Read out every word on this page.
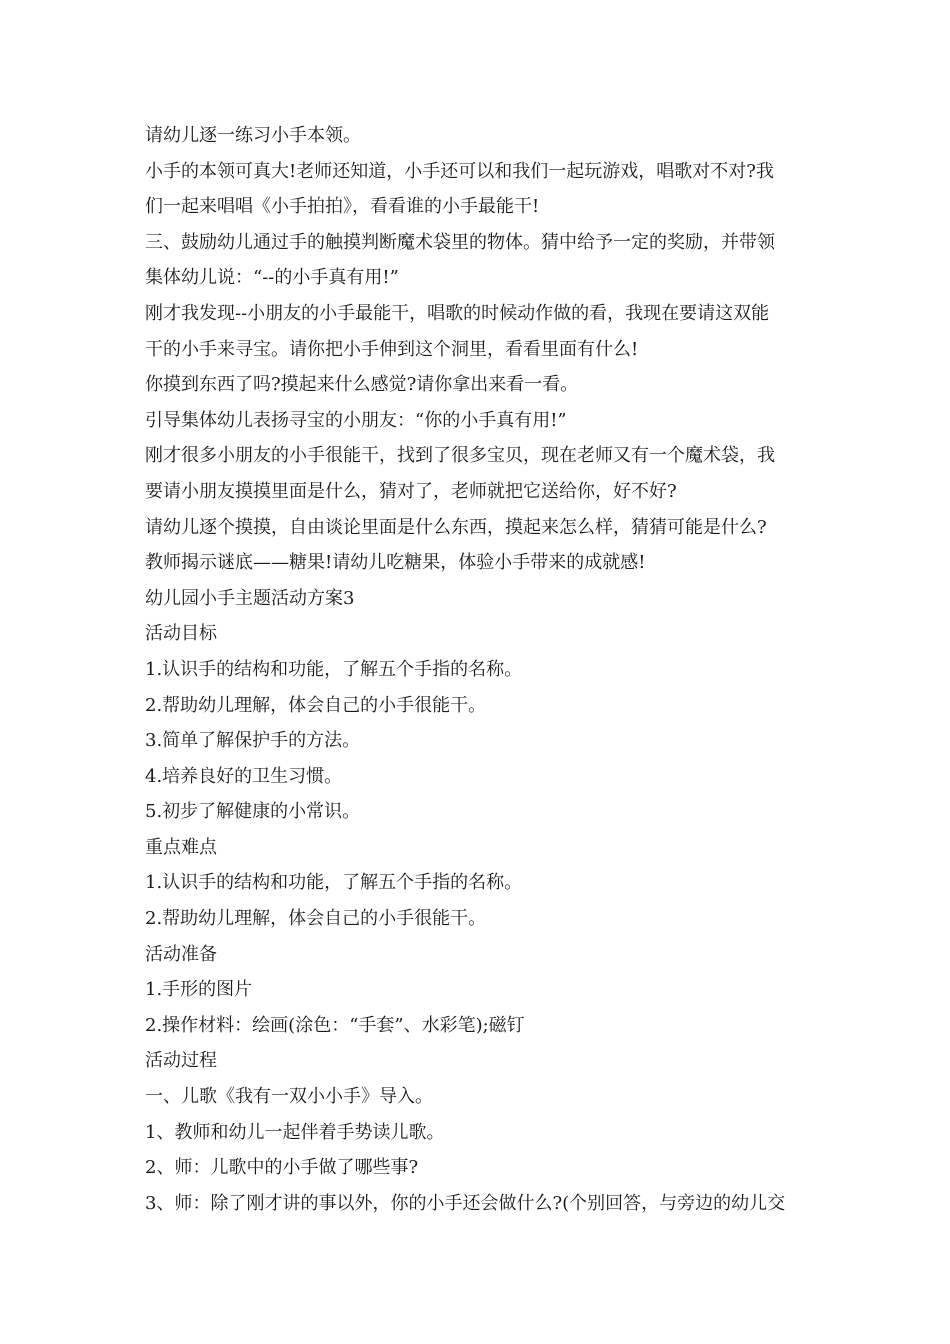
请幼儿逐一练习小手本领。
小手的本领可真大!老师还知道，小手还可以和我们一起玩游戏，唱歌对不对?我
们一起来唱唱《小手拍拍》，看看谁的小手最能干!
三、鼓励幼儿通过手的触摸判断魔术袋里的物体。猜中给予一定的奖励，并带领
集体幼儿说：“--的小手真有用!”
刚才我发现--小朋友的小手最能干，唱歌的时候动作做的看，我现在要请这双能
干的小手来寻宝。请你把小手伸到这个洞里，看看里面有什么!
你摸到东西了吗?摸起来什么感觉?请你拿出来看一看。
引导集体幼儿表扬寻宝的小朋友：“你的小手真有用!”
刚才很多小朋友的小手很能干，找到了很多宝贝，现在老师又有一个魔术袋，我
要请小朋友摸摸里面是什么，猜对了，老师就把它送给你，好不好?
请幼儿逐个摸摸，自由谈论里面是什么东西，摸起来怎么样，猜猜可能是什么?
教师揭示谜底——糖果!请幼儿吃糖果，体验小手带来的成就感!
幼儿园小手主题活动方案3
活动目标
1.认识手的结构和功能，了解五个手指的名称。
2.帮助幼儿理解，体会自己的小手很能干。
3.简单了解保护手的方法。
4.培养良好的卫生习惯。
5.初步了解健康的小常识。
重点难点
1.认识手的结构和功能，了解五个手指的名称。
2.帮助幼儿理解，体会自己的小手很能干。
活动准备
1.手形的图片
2.操作材料：绘画(涂色：“手套”、水彩笔);磁钉
活动过程
一、儿歌《我有一双小小手》导入。
1、教师和幼儿一起伴着手势读儿歌。
2、师：儿歌中的小手做了哪些事?
3、师：除了刚才讲的事以外，你的小手还会做什么?(个别回答，与旁边的幼儿交
